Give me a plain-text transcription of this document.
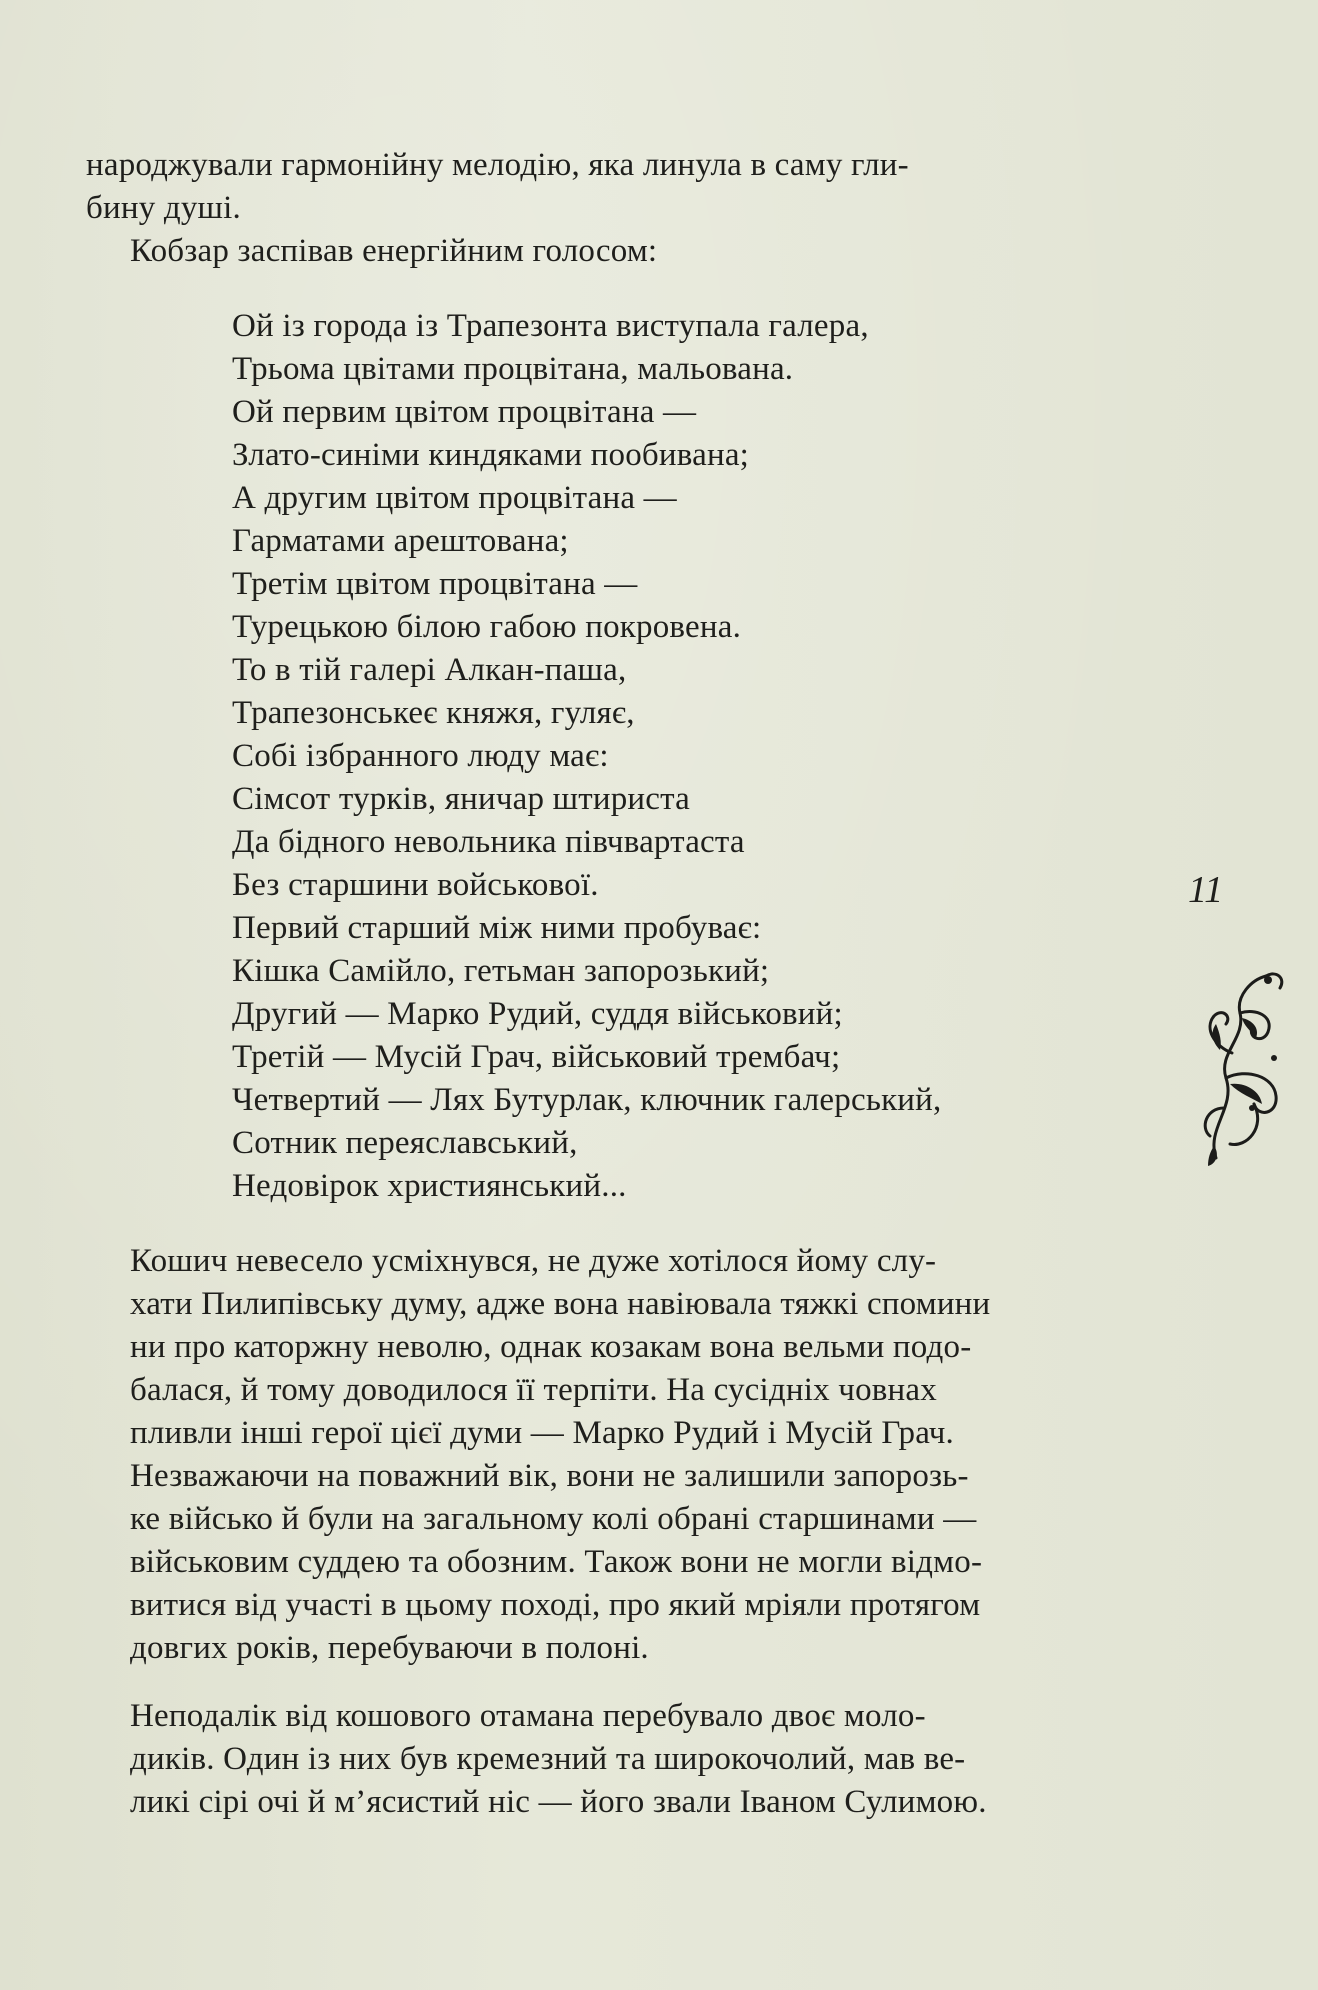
народжували гармонійну мелодію, яка линула в саму гли-
бину душі.

Кобзар заспівав енергійним голосом:

Ой із города із Трапезонта виступала галера,
Трьома цвітами процвітана, мальована.
Ой первим цвітом процвітана —
Злато-синіми киндяками пообивана;
А другим цвітом процвітана —
Гарматами арештована;
Третім цвітом процвітана —
Турецькою білою габою покровена.
То в тій галері Алкан-паша,
Трапезонськеє княжя, гуляє,
Собі ізбранного люду має:
Сімсот турків, яничар штириста
Да бідного невольника півчвартаста
Без старшини войськової.
Первий старший між ними пробуває:
Кішка Самійло, гетьман запорозький;
Другий — Марко Рудий, суддя військовий;
Третій — Мусій Грач, військовий трембач;
Четвертий — Лях Бутурлак, ключник галерський,
Сотник переяславський,
Недовірок християнський...

Кошич невесело усміхнувся, не дуже хотілося йому слу-
хати Пилипівську думу, адже вона навіювала тяжкі спомини
ни про каторжну неволю, однак козакам вона вельми подо-
балася, й тому доводилося її терпіти. На сусідніх човнах
пливли інші герої цієї думи — Марко Рудий і Мусій Грач.
Незважаючи на поважний вік, вони не залишили запорозь-
ке військо й були на загальному колі обрані старшинами —
військовим суддею та обозним. Також вони не могли відмо-
витися від участі в цьому поході, про який мріяли протягом
довгих років, перебуваючи в полоні.

Неподалік від кошового отамана перебувало двоє моло-
диків. Один із них був кремезний та широкочолий, мав ве-
ликі сірі очі й м’ясистий ніс — його звали Іваном Сулимою.

11
